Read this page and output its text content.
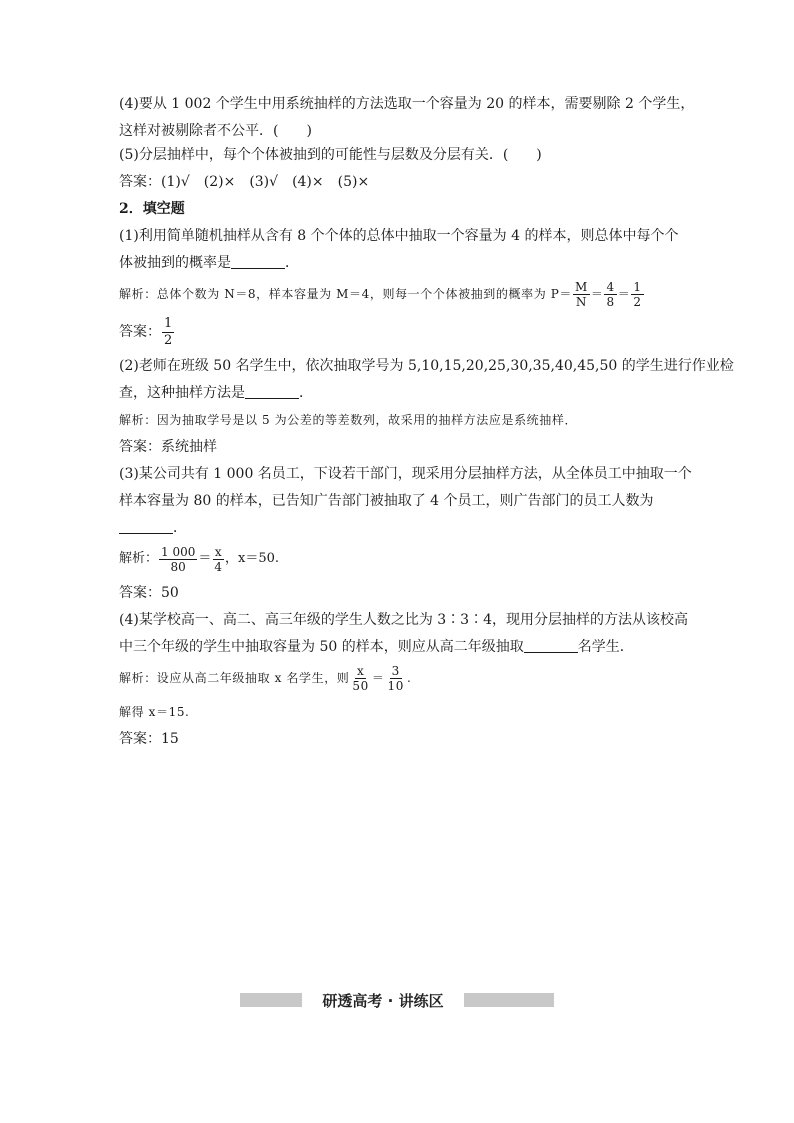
(4)要从 1 002 个学生中用系统抽样的方法选取一个容量为 20 的样本，需要剔除 2 个学生，
这样对被剔除者不公平．(　　)
(5)分层抽样中，每个个体被抽到的可能性与层数及分层有关．(　　)
答案：(1)√　(2)×　(3)√　(4)×　(5)×
2．填空题
(1)利用简单随机抽样从含有 8 个个体的总体中抽取一个容量为 4 的样本，则总体中每个个
体被抽到的概率是	．
解析：总体个数为 N＝8，样本容量为 M＝4，则每一个个体被抽到的概率为 $P= \frac{M}{N} = \frac{4}{8} = \frac{1}{2}$
答案： $\frac{1}{2}$
(2)老师在班级 50 名学生中，依次抽取学号为 5,10,15,20,25,30,35,40,45,50 的学生进行作业检
查，这种抽样方法是	．
解析：因为抽取学号是以 5 为公差的等差数列，故采用的抽样方法应是系统抽样．
答案：系统抽样
(3)某公司共有 1 000 名员工，下设若干部门，现采用分层抽样方法，从全体员工中抽取一个
样本容量为 80 的样本，已告知广告部门被抽取了 4 个员工，则广告部门的员工人数为
．
解析： $\frac{1 000}{80} = \frac{x}{4}$ ，x＝50.
答案：50
(4)某学校高一、高二、高三年级的学生人数之比为 3∶3∶4，现用分层抽样的方法从该校高
中三个年级的学生中抽取容量为 50 的样本，则应从高二年级抽取	名学生．
解析：设应从高二年级抽取 x 名学生，则 $\frac{x}{50} = \frac{3}{10}$ .
解得 x＝15.
答案：15
研透高考 · 讲练区
